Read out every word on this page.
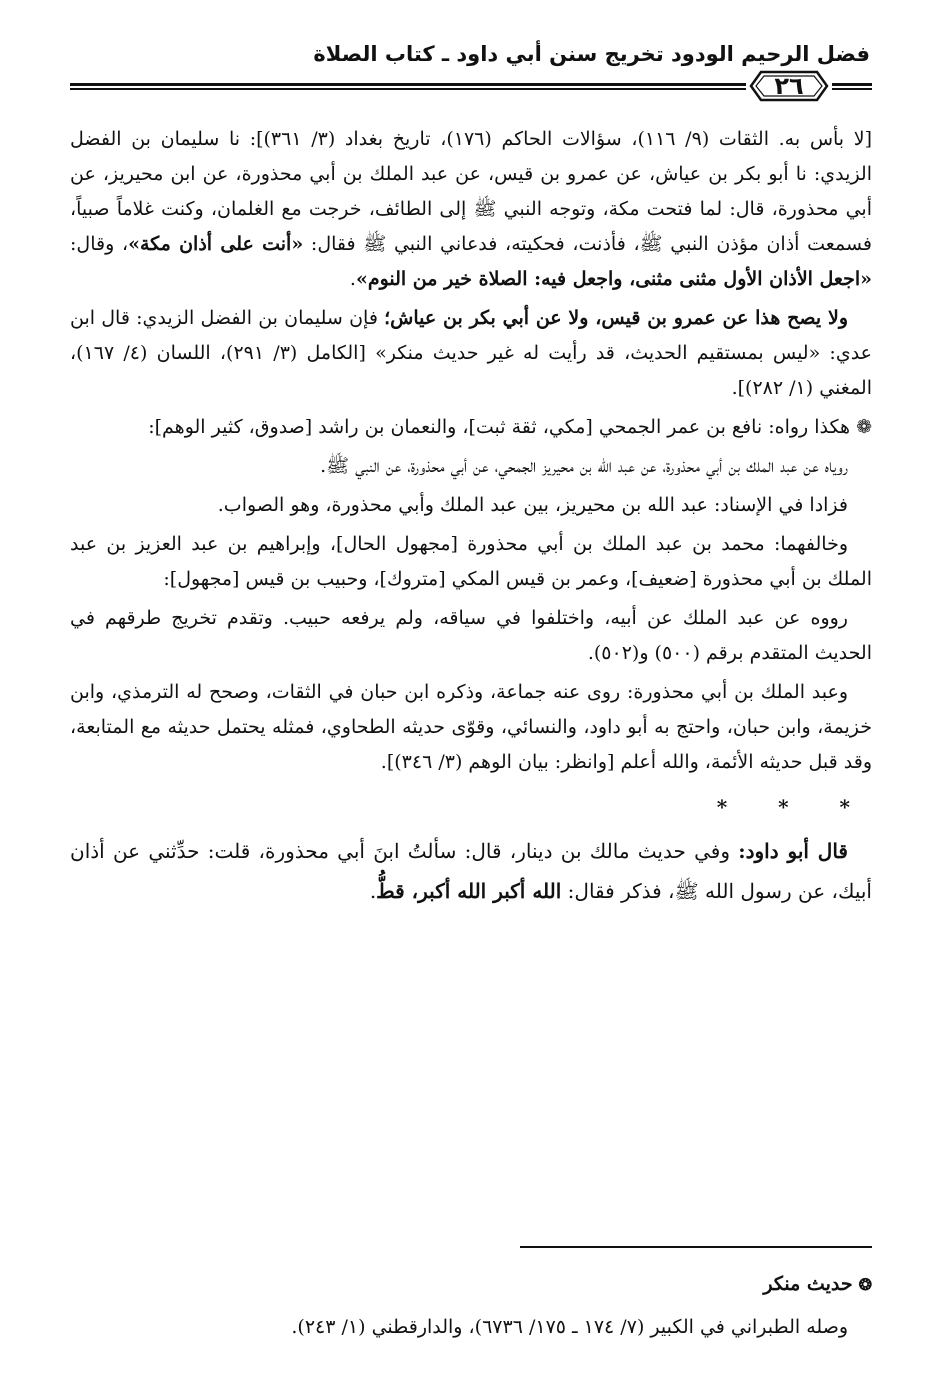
فضل الرحيم الودود تخريج سنن أبي داود ـ كتاب الصلاة
٢٦

[لا بأس به. الثقات (٩/ ١١٦)، سؤالات الحاكم (١٧٦)، تاريخ بغداد (٣/ ٣٦١)]: نا سليمان بن الفضل الزيدي: نا أبو بكر بن عياش، عن عمرو بن قيس، عن عبد الملك بن أبي محذورة، عن ابن محيريز، عن أبي محذورة، قال: لما فتحت مكة، وتوجه النبي ﷺ إلى الطائف، خرجت مع الغلمان، وكنت غلاماً صبياً، فسمعت أذان مؤذن النبي ﷺ، فأذنت، فحكيته، فدعاني النبي ﷺ فقال: «أنت على أذان مكة»، وقال: «اجعل الأذان الأول مثنى مثنى، واجعل فيه: الصلاة خير من النوم».

ولا يصح هذا عن عمرو بن قيس، ولا عن أبي بكر بن عياش؛ فإن سليمان بن الفضل الزيدي: قال ابن عدي: «ليس بمستقيم الحديث، قد رأيت له غير حديث منكر» [الكامل (٣/ ٢٩١)، اللسان (٤/ ١٦٧)، المغني (١/ ٢٨٢)].

❁ هكذا رواه: نافع بن عمر الجمحي [مكي، ثقة ثبت]، والنعمان بن راشد [صدوق، كثير الوهم]:

روياه عن عبد الملك بن أبي محذورة، عن عبد الله بن محيريز الجمحي، عن أبي محذورة، عن النبي ﷺ.

فزادا في الإسناد: عبد الله بن محيريز، بين عبد الملك وأبي محذورة، وهو الصواب.

وخالفهما: محمد بن عبد الملك بن أبي محذورة [مجهول الحال]، وإبراهيم بن عبد العزيز بن عبد الملك بن أبي محذورة [ضعيف]، وعمر بن قيس المكي [متروك]، وحبيب بن قيس [مجهول]:

رووه عن عبد الملك عن أبيه، واختلفوا في سياقه، ولم يرفعه حبيب. وتقدم تخريج طرقهم في الحديث المتقدم برقم (٥٠٠) و(٥٠٢).

وعبد الملك بن أبي محذورة: روى عنه جماعة، وذكره ابن حبان في الثقات، وصحح له الترمذي، وابن خزيمة، وابن حبان، واحتج به أبو داود، والنسائي، وقوّى حديثه الطحاوي، فمثله يحتمل حديثه مع المتابعة، وقد قبل حديثه الأئمة، والله أعلم [وانظر: بيان الوهم (٣/ ٣٤٦)].

* * *

قال أبو داود: وفي حديث مالك بن دينار، قال: سألتُ ابنَ أبي محذورة، قلت: حدِّثني عن أذان أبيك، عن رسول الله ﷺ، فذكر فقال: الله أكبر الله أكبر، قطُّ.

❂حديث منكر
وصله الطبراني في الكبير (٧/ ١٧٤ ـ ١٧٥/ ٦٧٣٦)، والدارقطني (١/ ٢٤٣).
